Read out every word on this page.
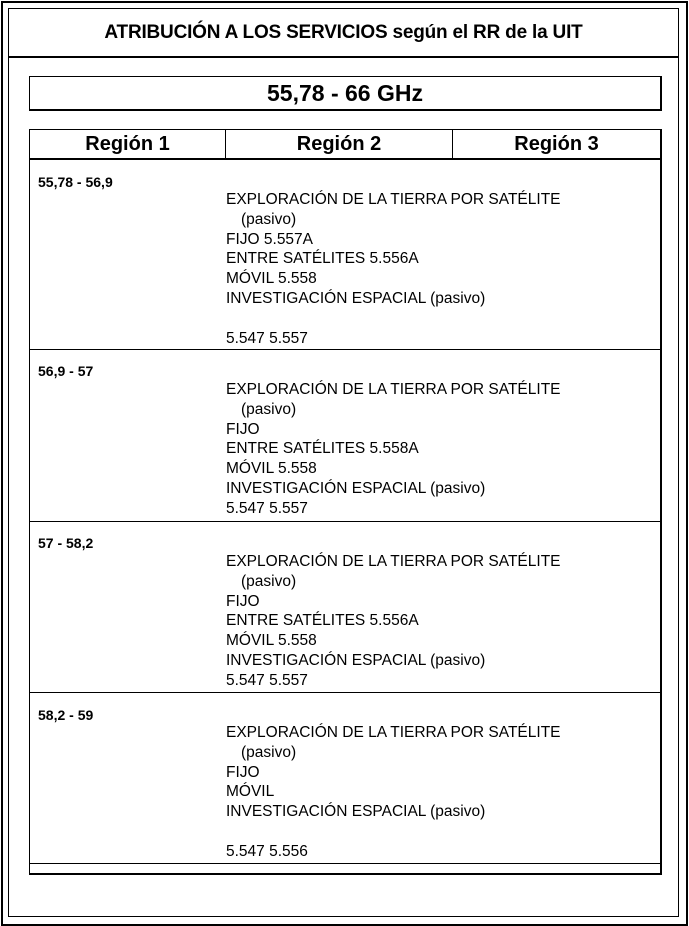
ATRIBUCIÓN A LOS SERVICIOS según el RR de la UIT
55,78 - 66 GHz
Región 1	Región 2	Región 3
55,78 - 56,9
EXPLORACIÓN DE LA TIERRA POR SATÉLITE
(pasivo)
FIJO 5.557A
ENTRE SATÉLITES 5.556A
MÓVIL 5.558
INVESTIGACIÓN ESPACIAL (pasivo)
5.547 5.557
56,9 - 57
EXPLORACIÓN DE LA TIERRA POR SATÉLITE
(pasivo)
FIJO
ENTRE SATÉLITES 5.558A
MÓVIL 5.558
INVESTIGACIÓN ESPACIAL (pasivo)
5.547 5.557
57 - 58,2
EXPLORACIÓN DE LA TIERRA POR SATÉLITE
(pasivo)
FIJO
ENTRE SATÉLITES 5.556A
MÓVIL 5.558
INVESTIGACIÓN ESPACIAL (pasivo)
5.547 5.557
58,2 - 59
EXPLORACIÓN DE LA TIERRA POR SATÉLITE
(pasivo)
FIJO
MÓVIL
INVESTIGACIÓN ESPACIAL (pasivo)
5.547 5.556
